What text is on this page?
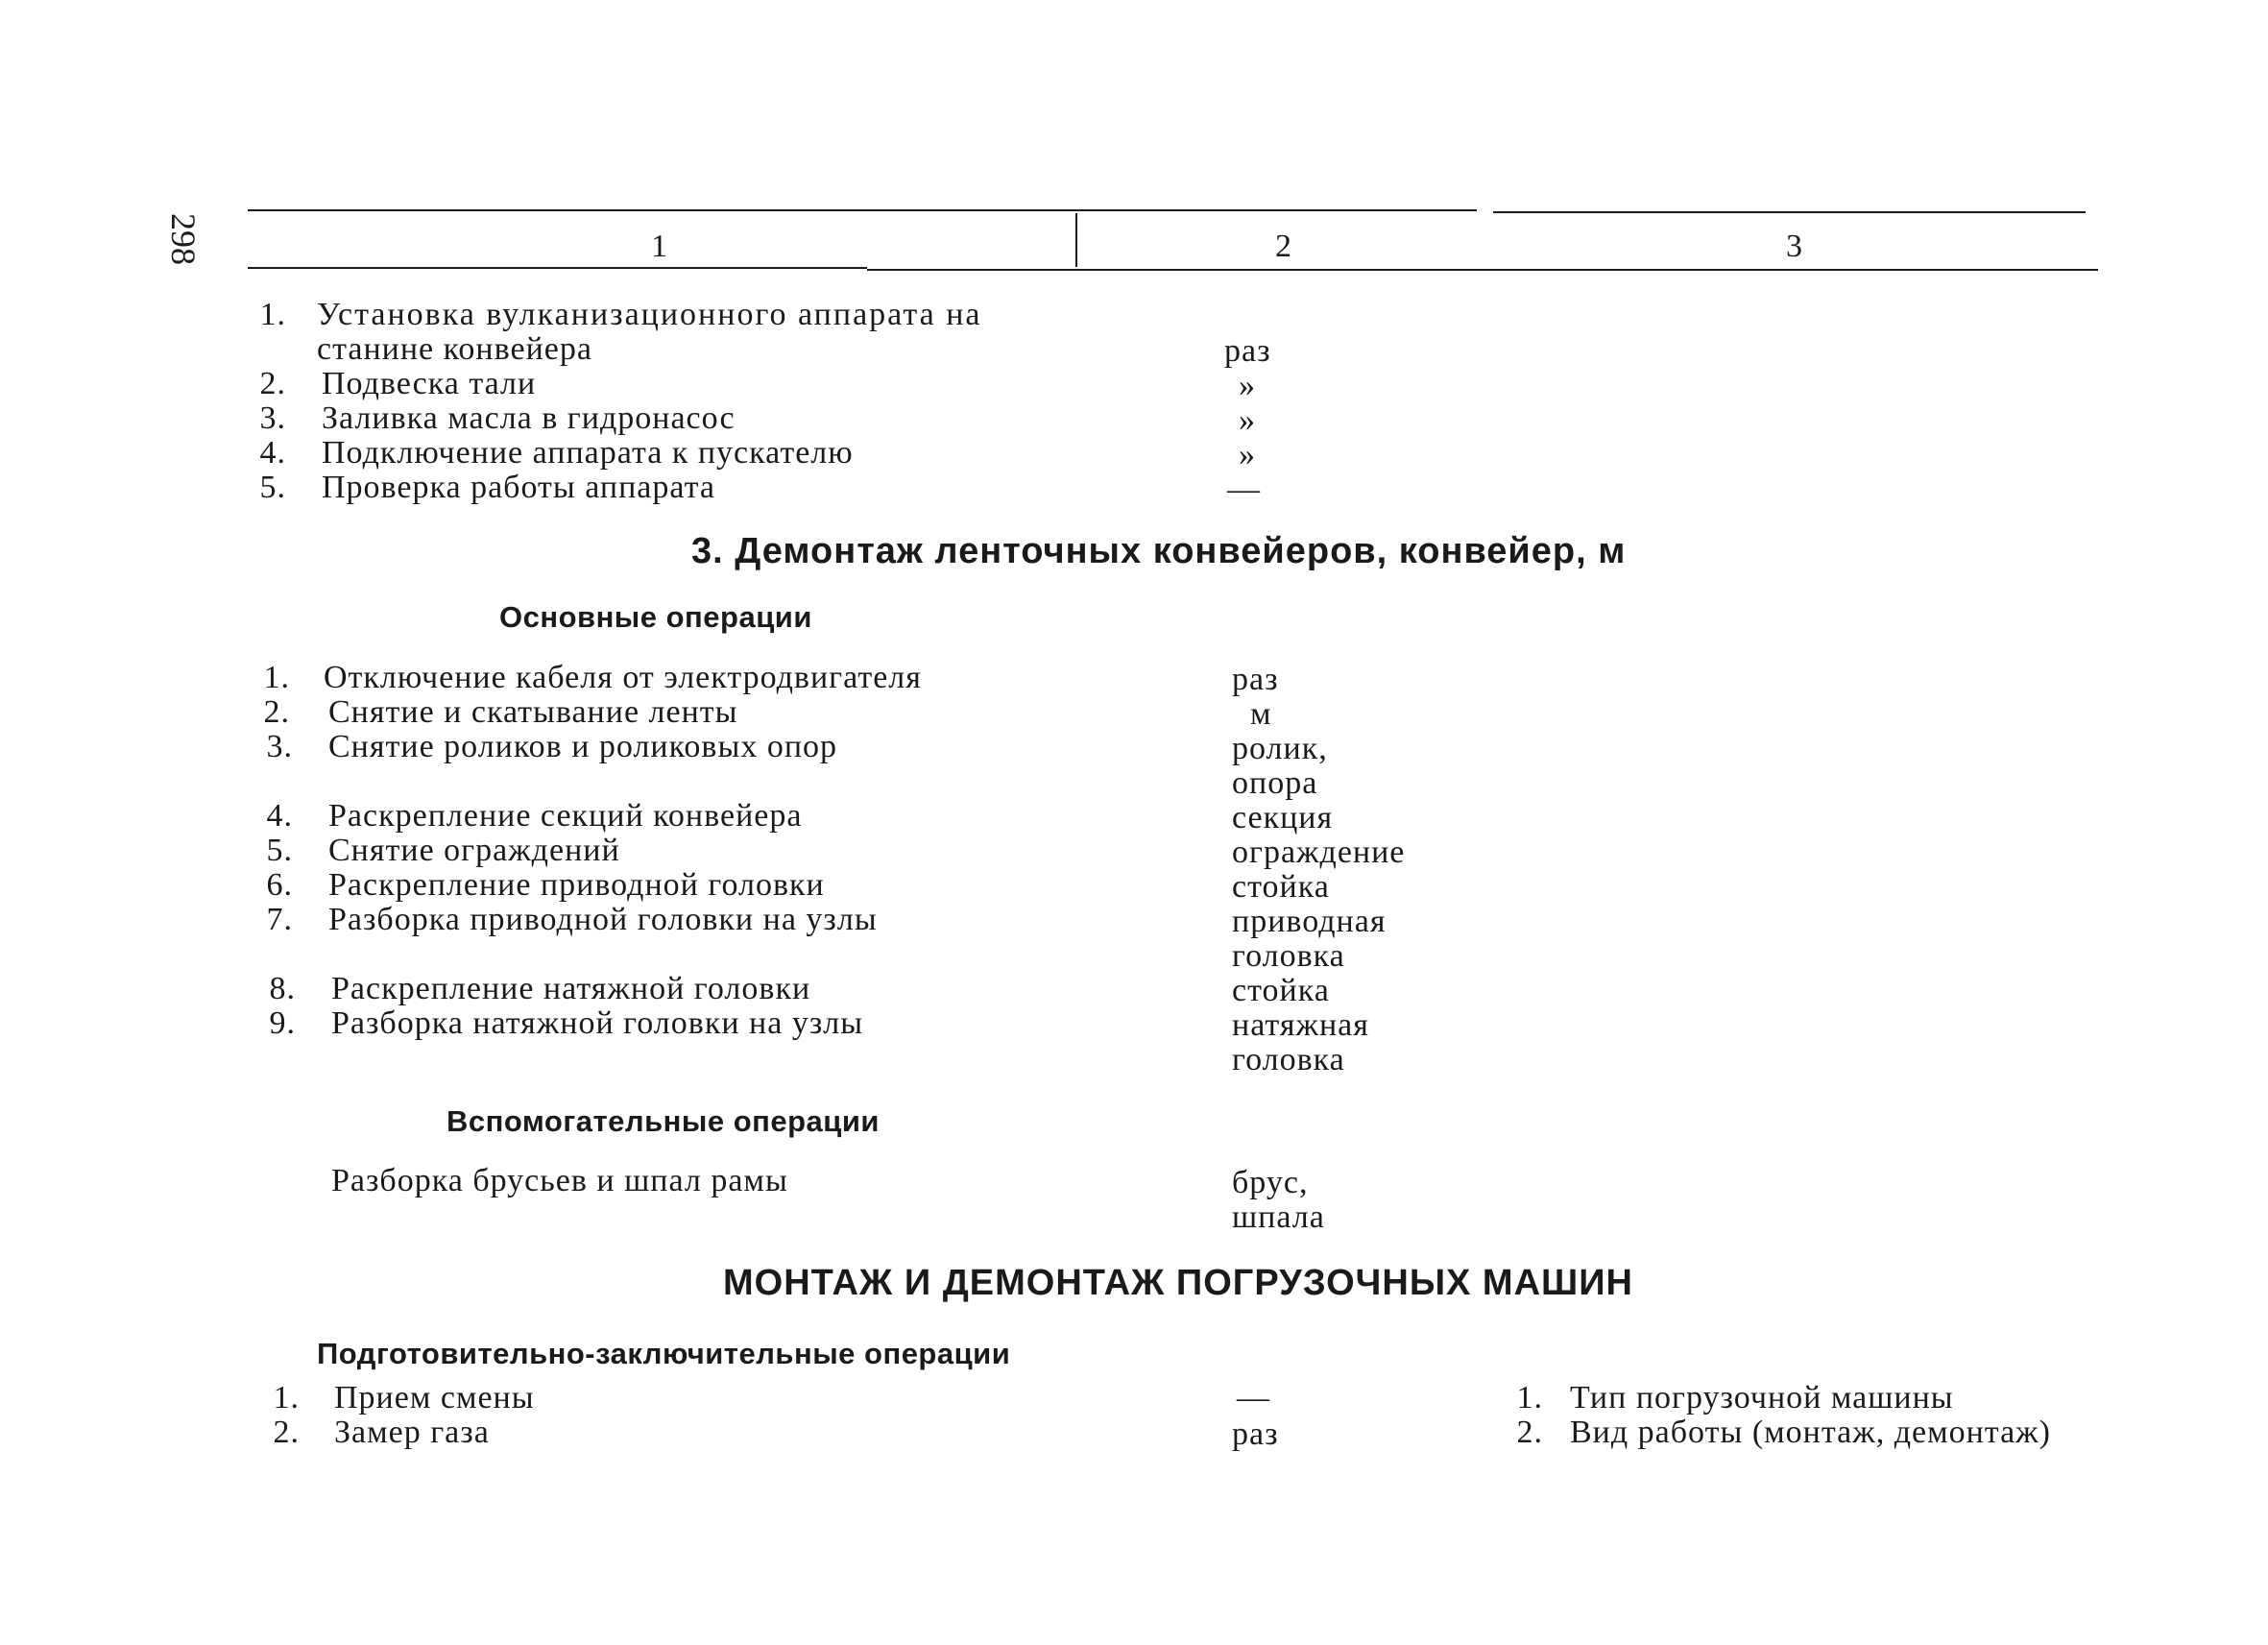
298	1	2	3
1. Установка вулканизационного аппарата на
станине конвейера	раз
2. Подвеска тали	»
3. Заливка масла в гидронасос	»
4. Подключение аппарата к пускателю	»
5. Проверка работы аппарата	—
3. Демонтаж ленточных конвейеров, конвейер, м
Основные операции
1. Отключение кабеля от электродвигателя	раз
2. Снятие и скатывание ленты	м
3. Снятие роликов и роликовых опор	ролик,
опора
4. Раскрепление секций конвейера	секция
5. Снятие ограждений	ограждение
6. Раскрепление приводной головки	стойка
7. Разборка приводной головки на узлы	приводная
головка
8. Раскрепление натяжной головки	стойка
9. Разборка натяжной головки на узлы	натяжная
головка
Вспомогательные операции
Разборка брусьев и шпал рамы	брус,
шпала
МОНТАЖ И ДЕМОНТАЖ ПОГРУЗОЧНЫХ МАШИН
Подготовительно-заключительные операции
1. Прием смены	—	1. Тип погрузочной машины
2. Замер газа	раз	2. Вид работы (монтаж, демонтаж)
